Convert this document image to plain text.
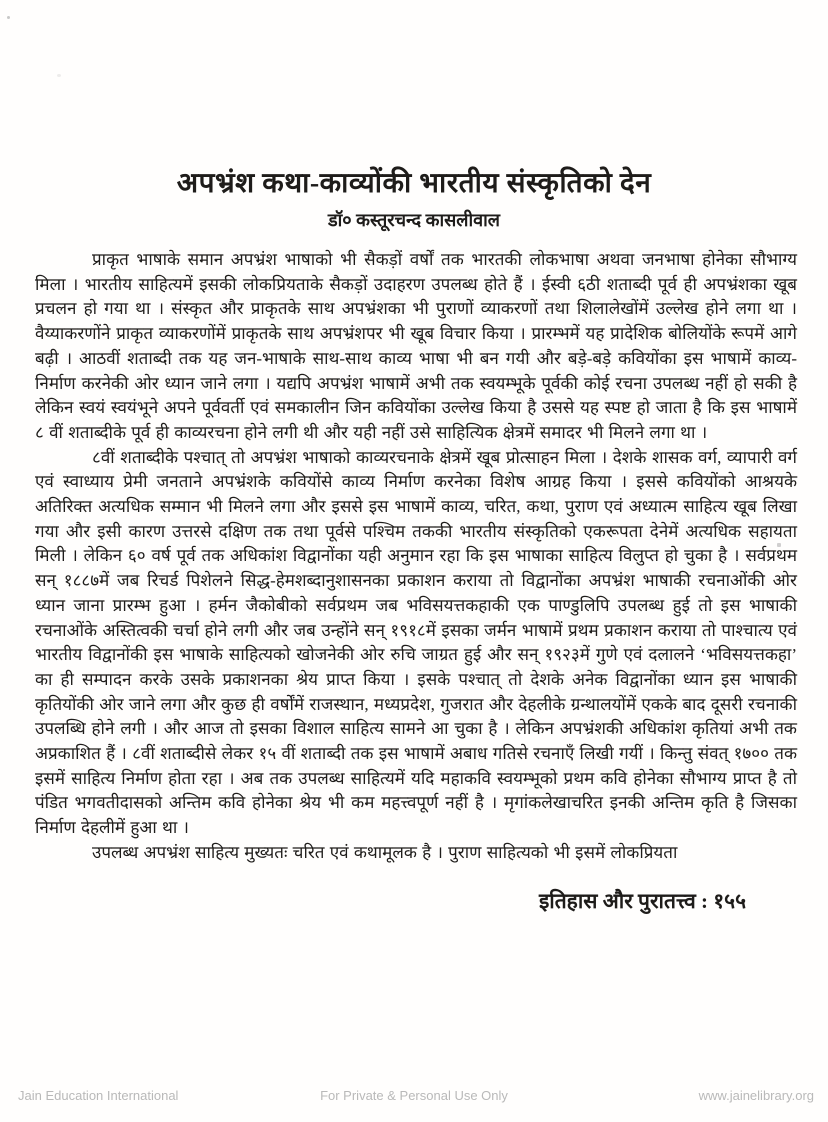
अपभ्रंश कथा-काव्योंकी भारतीय संस्कृतिको देन
डॉ० कस्तूरचन्द कासलीवाल

प्राकृत भाषाके समान अपभ्रंश भाषाको भी सैकड़ों वर्षों तक भारतकी लोकभाषा अथवा जनभाषा होनेका सौभाग्य मिला । भारतीय साहित्यमें इसकी लोकप्रियताके सैकड़ों उदाहरण उपलब्ध होते हैं । ईस्वी ६ठी शताब्दी पूर्व ही अपभ्रंशका खूब प्रचलन हो गया था । संस्कृत और प्राकृतके साथ अपभ्रंशका भी पुराणों व्याकरणों तथा शिलालेखोंमें उल्लेख होने लगा था । वैय्याकरणोंने प्राकृत व्याकरणोंमें प्राकृतके साथ अपभ्रंशपर भी खूब विचार किया । प्रारम्भमें यह प्रादेशिक बोलियोंके रूपमें आगे बढ़ी । आठवीं शताब्दी तक यह जन-भाषाके साथ-साथ काव्य भाषा भी बन गयी और बड़े-बड़े कवियोंका इस भाषामें काव्य-निर्माण करनेकी ओर ध्यान जाने लगा । यद्यपि अपभ्रंश भाषामें अभी तक स्वयम्भूके पूर्वकी कोई रचना उपलब्ध नहीं हो सकी है लेकिन स्वयं स्वयंभूने अपने पूर्ववर्ती एवं समकालीन जिन कवियोंका उल्लेख किया है उससे यह स्पष्ट हो जाता है कि इस भाषामें ८ वीं शताब्दीके पूर्व ही काव्यरचना होने लगी थी और यही नहीं उसे साहित्यिक क्षेत्रमें समादर भी मिलने लगा था ।

८वीं शताब्दीके पश्चात् तो अपभ्रंश भाषाको काव्यरचनाके क्षेत्रमें खूब प्रोत्साहन मिला । देशके शासक वर्ग, व्यापारी वर्ग एवं स्वाध्याय प्रेमी जनताने अपभ्रंशके कवियोंसे काव्य निर्माण करनेका विशेष आग्रह किया । इससे कवियोंको आश्रयके अतिरिक्त अत्यधिक सम्मान भी मिलने लगा और इससे इस भाषामें काव्य, चरित, कथा, पुराण एवं अध्यात्म साहित्य खूब लिखा गया और इसी कारण उत्तरसे दक्षिण तक तथा पूर्वसे पश्चिम तककी भारतीय संस्कृतिको एकरूपता देनेमें अत्यधिक सहायता मिली । लेकिन ६० वर्ष पूर्व तक अधिकांश विद्वानोंका यही अनुमान रहा कि इस भाषाका साहित्य विलुप्त हो चुका है । सर्वप्रथम सन् १८८७में जब रिचर्ड पिशेलने सिद्ध-हेमशब्दानुशासनका प्रकाशन कराया तो विद्वानोंका अपभ्रंश भाषाकी रचनाओंकी ओर ध्यान जाना प्रारम्भ हुआ । हर्मन जैकोबीको सर्वप्रथम जब भविसयत्तकहाकी एक पाण्डुलिपि उपलब्ध हुई तो इस भाषाकी रचनाओंके अस्तित्वकी चर्चा होने लगी और जब उन्होंने सन् १९१८में इसका जर्मन भाषामें प्रथम प्रकाशन कराया तो पाश्चात्य एवं भारतीय विद्वानोंकी इस भाषाके साहित्यको खोजनेकी ओर रुचि जाग्रत हुई और सन् १९२३में गुणे एवं दलालने ‘भविसयत्तकहा’ का ही सम्पादन करके उसके प्रकाशनका श्रेय प्राप्त किया । इसके पश्चात् तो देशके अनेक विद्वानोंका ध्यान इस भाषाकी कृतियोंकी ओर जाने लगा और कुछ ही वर्षोंमें राजस्थान, मध्यप्रदेश, गुजरात और देहलीके ग्रन्थालयोंमें एकके बाद दूसरी रचनाकी उपलब्धि होने लगी । और आज तो इसका विशाल साहित्य सामने आ चुका है । लेकिन अपभ्रंशकी अधिकांश कृतियां अभी तक अप्रकाशित हैं । ८वीं शताब्दीसे लेकर १५ वीं शताब्दी तक इस भाषामें अबाध गतिसे रचनाएँ लिखी गयीं । किन्तु संवत् १७०० तक इसमें साहित्य निर्माण होता रहा । अब तक उपलब्ध साहित्यमें यदि महाकवि स्वयम्भूको प्रथम कवि होनेका सौभाग्य प्राप्त है तो पंडित भगवतीदासको अन्तिम कवि होनेका श्रेय भी कम महत्त्वपूर्ण नहीं है । मृगांकलेखाचरित इनकी अन्तिम कृति है जिसका निर्माण देहलीमें हुआ था ।

उपलब्ध अपभ्रंश साहित्य मुख्यतः चरित एवं कथामूलक है । पुराण साहित्यको भी इसमें लोकप्रियता

इतिहास और पुरातत्त्व : १५५
Jain Education International	For Private & Personal Use Only	www.jainelibrary.org
